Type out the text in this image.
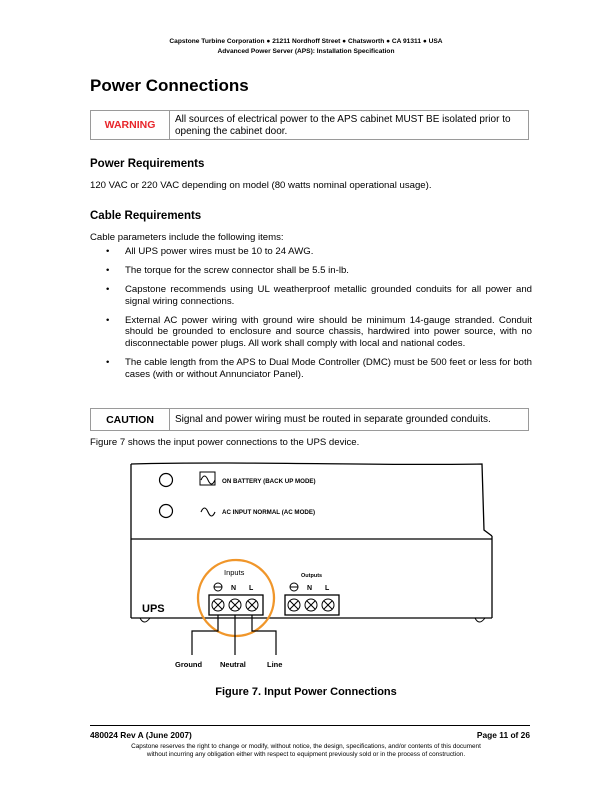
Capstone Turbine Corporation ● 21211 Nordhoff Street ● Chatsworth ● CA 91311 ● USA
Advanced Power Server (APS): Installation Specification
Power Connections
WARNING	All sources of electrical power to the APS cabinet MUST BE isolated prior to opening the cabinet door.
Power Requirements
120 VAC or 220 VAC depending on model (80 watts nominal operational usage).
Cable Requirements
Cable parameters include the following items:
• All UPS power wires must be 10 to 24 AWG.
• The torque for the screw connector shall be 5.5 in-lb.
• Capstone recommends using UL weatherproof metallic grounded conduits for all power and signal wiring connections.
• External AC power wiring with ground wire should be minimum 14-gauge stranded. Conduit should be grounded to enclosure and source chassis, hardwired into power source, with no disconnectable power plugs. All work shall comply with local and national codes.
• The cable length from the APS to Dual Mode Controller (DMC) must be 500 feet or less for both cases (with or without Annunciator Panel).
CAUTION	Signal and power wiring must be routed in separate grounded conduits.
Figure 7 shows the input power connections to the UPS device.
ON BATTERY (BACK UP MODE)
AC INPUT NORMAL (AC MODE)
Inputs
N L
Outputs
N L
UPS
Ground Neutral	Line
Figure 7. Input Power Connections
480024 Rev A (June 2007)	Page 11 of 26
Capstone reserves the right to change or modify, without notice, the design, specifications, and/or contents of this document
without incurring any obligation either with respect to equipment previously sold or in the process of construction.
